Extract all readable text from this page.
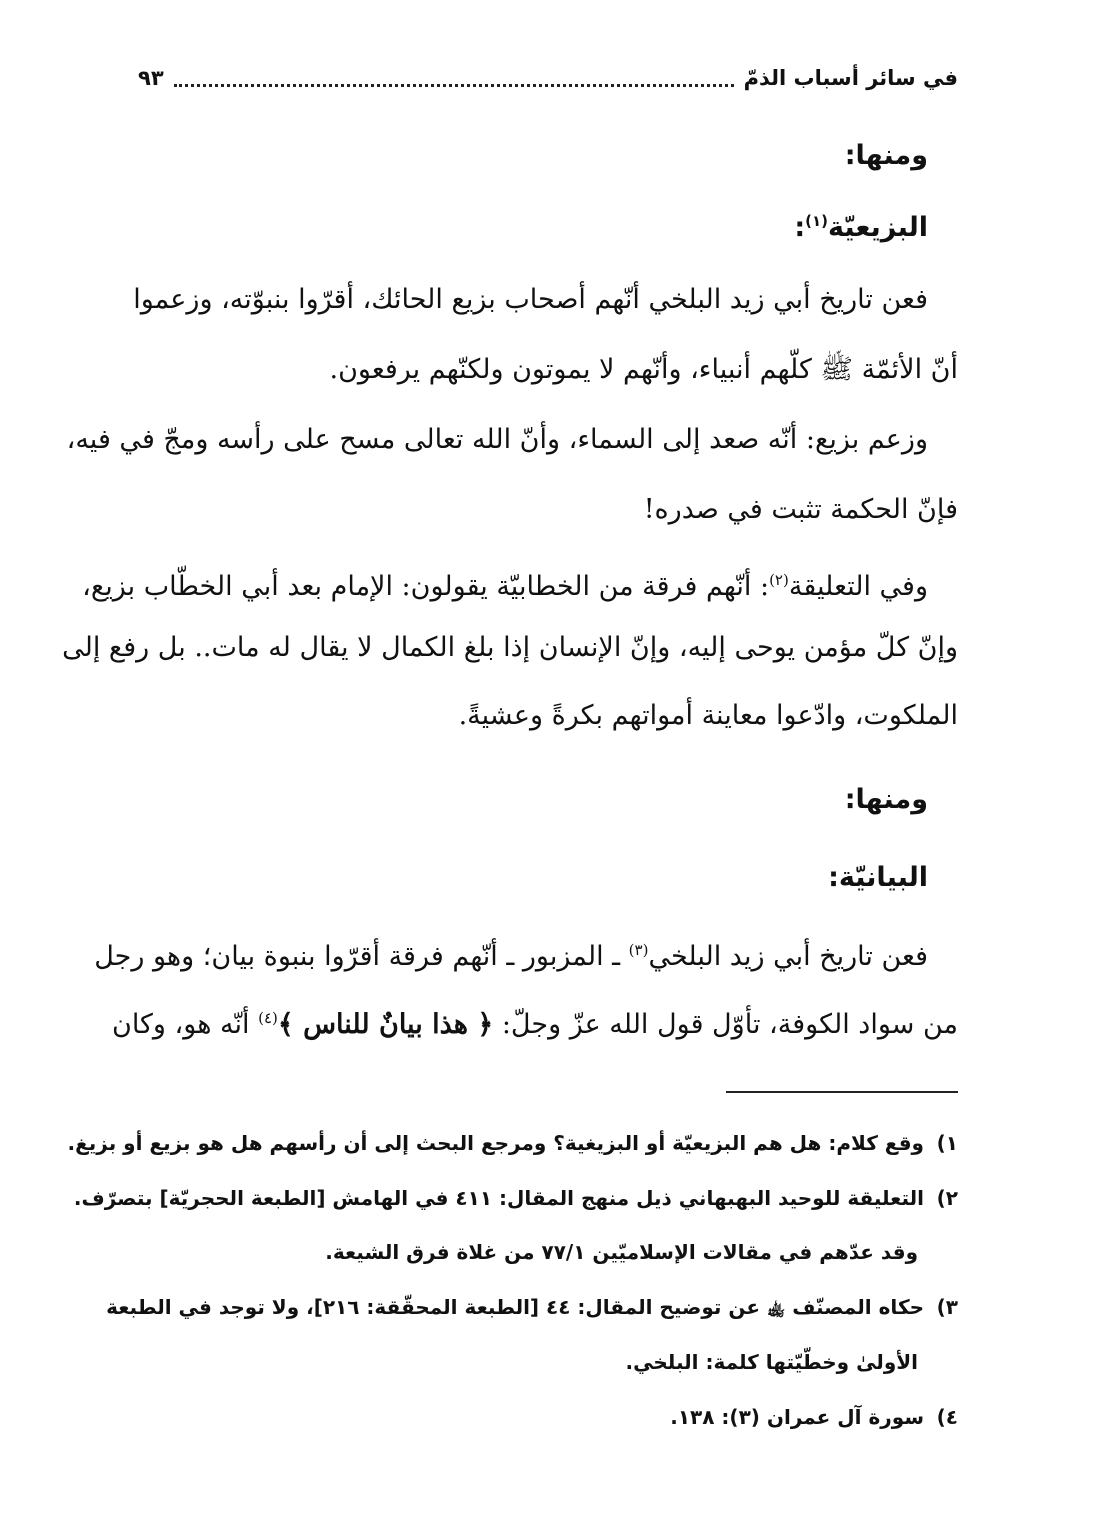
في سائر أسباب الذمّ
٩٣
ومنها:
البزيعيّة$^{(١)}$:
فعن تاريخ أبي زيد البلخي أنّهم أصحاب بزيع الحائك، أقرّوا بنبوّته، وزعموا
أنّ الأئمّة ﷺ كلّهم أنبياء، وأنّهم لا يموتون ولكنّهم يرفعون.
وزعم بزيع: أنّه صعد إلى السماء، وأنّ الله تعالى مسح على رأسه ومجّ في فيه،
فإنّ الحكمة تثبت في صدره!
وفي التعليقة$^{(٢)}$: أنّهم فرقة من الخطابيّة يقولون: الإمام بعد أبي الخطّاب بزيع،
وإنّ كلّ مؤمن يوحى إليه، وإنّ الإنسان إذا بلغ الكمال لا يقال له مات.. بل رفع إلى
الملكوت، وادّعوا معاينة أمواتهم بكرةً وعشيةً.
ومنها:
البيانيّة:
فعن تاريخ أبي زيد البلخي$^{(٣)}$ ـ المزبور ـ أنّهم فرقة أقرّوا بنبوة بيان؛ وهو رجل
من سواد الكوفة، تأوّل قول الله عزّ وجلّ: ﴿ هذا بيانٌ للناس ﴾$^{(٤)}$ أنّه هو، وكان
١)وقع كلام: هل هم البزيعيّة أو البزيغية؟ ومرجع البحث إلى أن رأسهم هل هو بزيع أو بزيغ.
٢)التعليقة للوحيد البهبهاني ذيل منهج المقال: ٤١١ في الهامش [الطبعة الحجريّة] بتصرّف.
وقد عدّهم في مقالات الإسلاميّين ٧٧/١ من غلاة فرق الشيعة.
٣)حكاه المصنّف ﵀ عن توضيح المقال: ٤٤ [الطبعة المحقّقة: ٢١٦]، ولا توجد في الطبعة
الأولىٰ وخطّيّتها كلمة: البلخي.
٤)سورة آل عمران (٣): ١٣٨.
